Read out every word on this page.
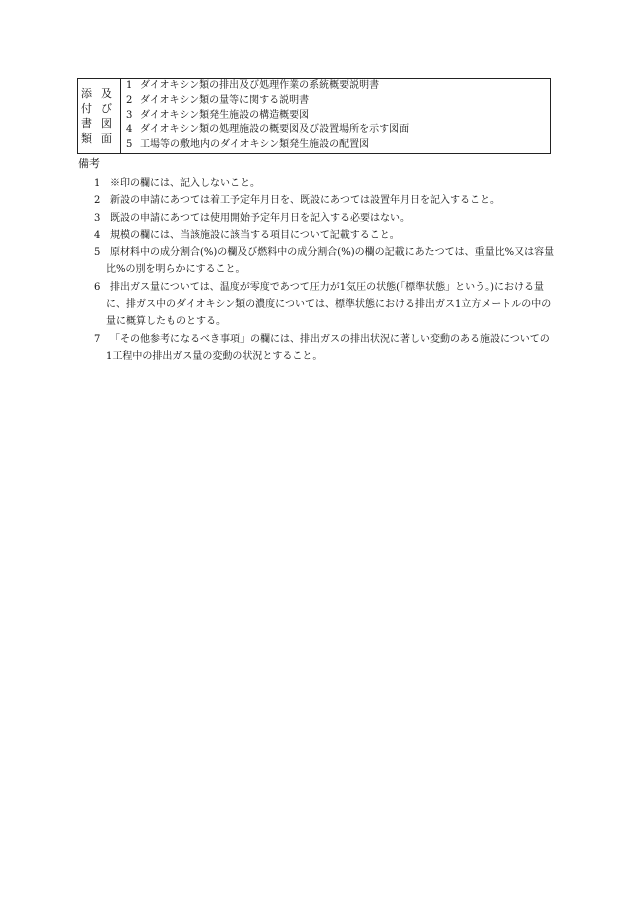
添 及
付 び
書 図
類 面
1 ダイオキシン類の排出及び処理作業の系統概要説明書
2 ダイオキシン類の量等に関する説明書
3 ダイオキシン類発生施設の構造概要図
4 ダイオキシン類の処理施設の概要図及び設置場所を示す図面
5 工場等の敷地内のダイオキシン類発生施設の配置図
備考
1 ※印の欄には、記入しないこと。
2 新設の申請にあつては着工予定年月日を、既設にあつては設置年月日を記入すること。
3 既設の申請にあつては使用開始予定年月日を記入する必要はない。
4 規模の欄には、当該施設に該当する項目について記載すること。
5 原材料中の成分割合(%)の欄及び燃料中の成分割合(%)の欄の記載にあたつては、重量比%又は容量比%の別を明らかにすること。
6 排出ガス量については、温度が零度であつて圧力が1気圧の状態(「標準状態」という。)における量に、排ガス中のダイオキシン類の濃度については、標準状態における排出ガス1立方メートルの中の量に概算したものとする。
7 「その他参考になるべき事項」の欄には、排出ガスの排出状況に著しい変動のある施設についての1工程中の排出ガス量の変動の状況とすること。
